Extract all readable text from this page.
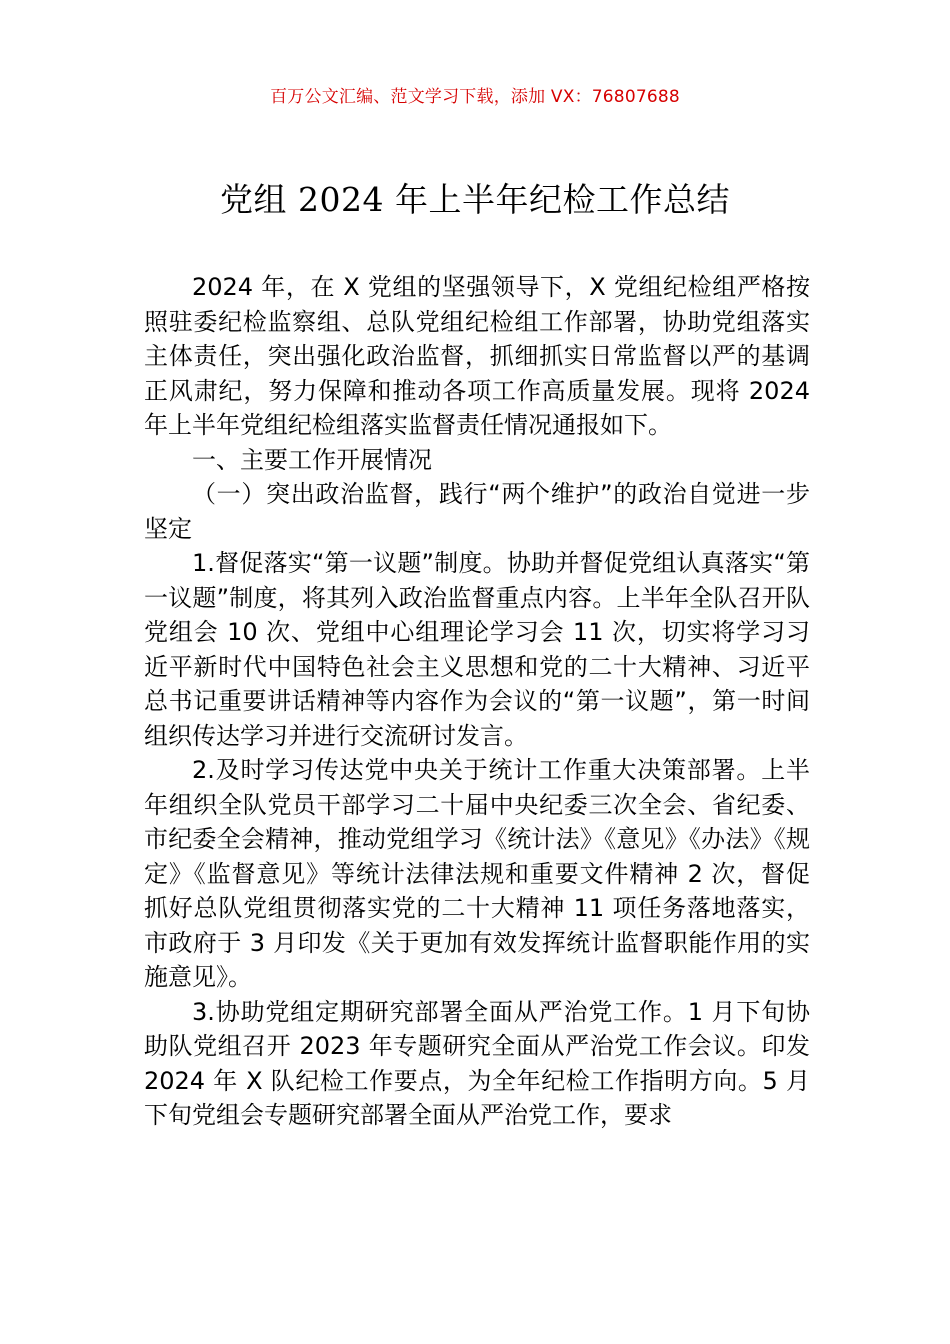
百万公文汇编、范文学习下载，添加 VX：76807688
党组 2024 年上半年纪检工作总结

2024 年，在 X 党组的坚强领导下，X 党组纪检组严格按照驻委纪检监察组、总队党组纪检组工作部署，协助党组落实主体责任，突出强化政治监督，抓细抓实日常监督以严的基调正风肃纪，努力保障和推动各项工作高质量发展。现将 2024 年上半年党组纪检组落实监督责任情况通报如下。

一、主要工作开展情况

（一）突出政治监督，践行“两个维护”的政治自觉进一步坚定

1.督促落实“第一议题”制度。协助并督促党组认真落实“第一议题”制度，将其列入政治监督重点内容。上半年全队召开队党组会 10 次、党组中心组理论学习会 11 次，切实将学习习近平新时代中国特色社会主义思想和党的二十大精神、习近平总书记重要讲话精神等内容作为会议的“第一议题”，第一时间组织传达学习并进行交流研讨发言。

2.及时学习传达党中央关于统计工作重大决策部署。上半年组织全队党员干部学习二十届中央纪委三次全会、省纪委、市纪委全会精神，推动党组学习《统计法》《意见》《办法》《规定》《监督意见》等统计法律法规和重要文件精神 2 次，督促抓好总队党组贯彻落实党的二十大精神 11 项任务落地落实，市政府于 3 月印发《关于更加有效发挥统计监督职能作用的实施意见》。

3.协助党组定期研究部署全面从严治党工作。1 月下旬协助队党组召开 2023 年专题研究全面从严治党工作会议。印发 2024 年 X 队纪检工作要点，为全年纪检工作指明方向。5 月下旬党组会专题研究部署全面从严治党工作，要求
